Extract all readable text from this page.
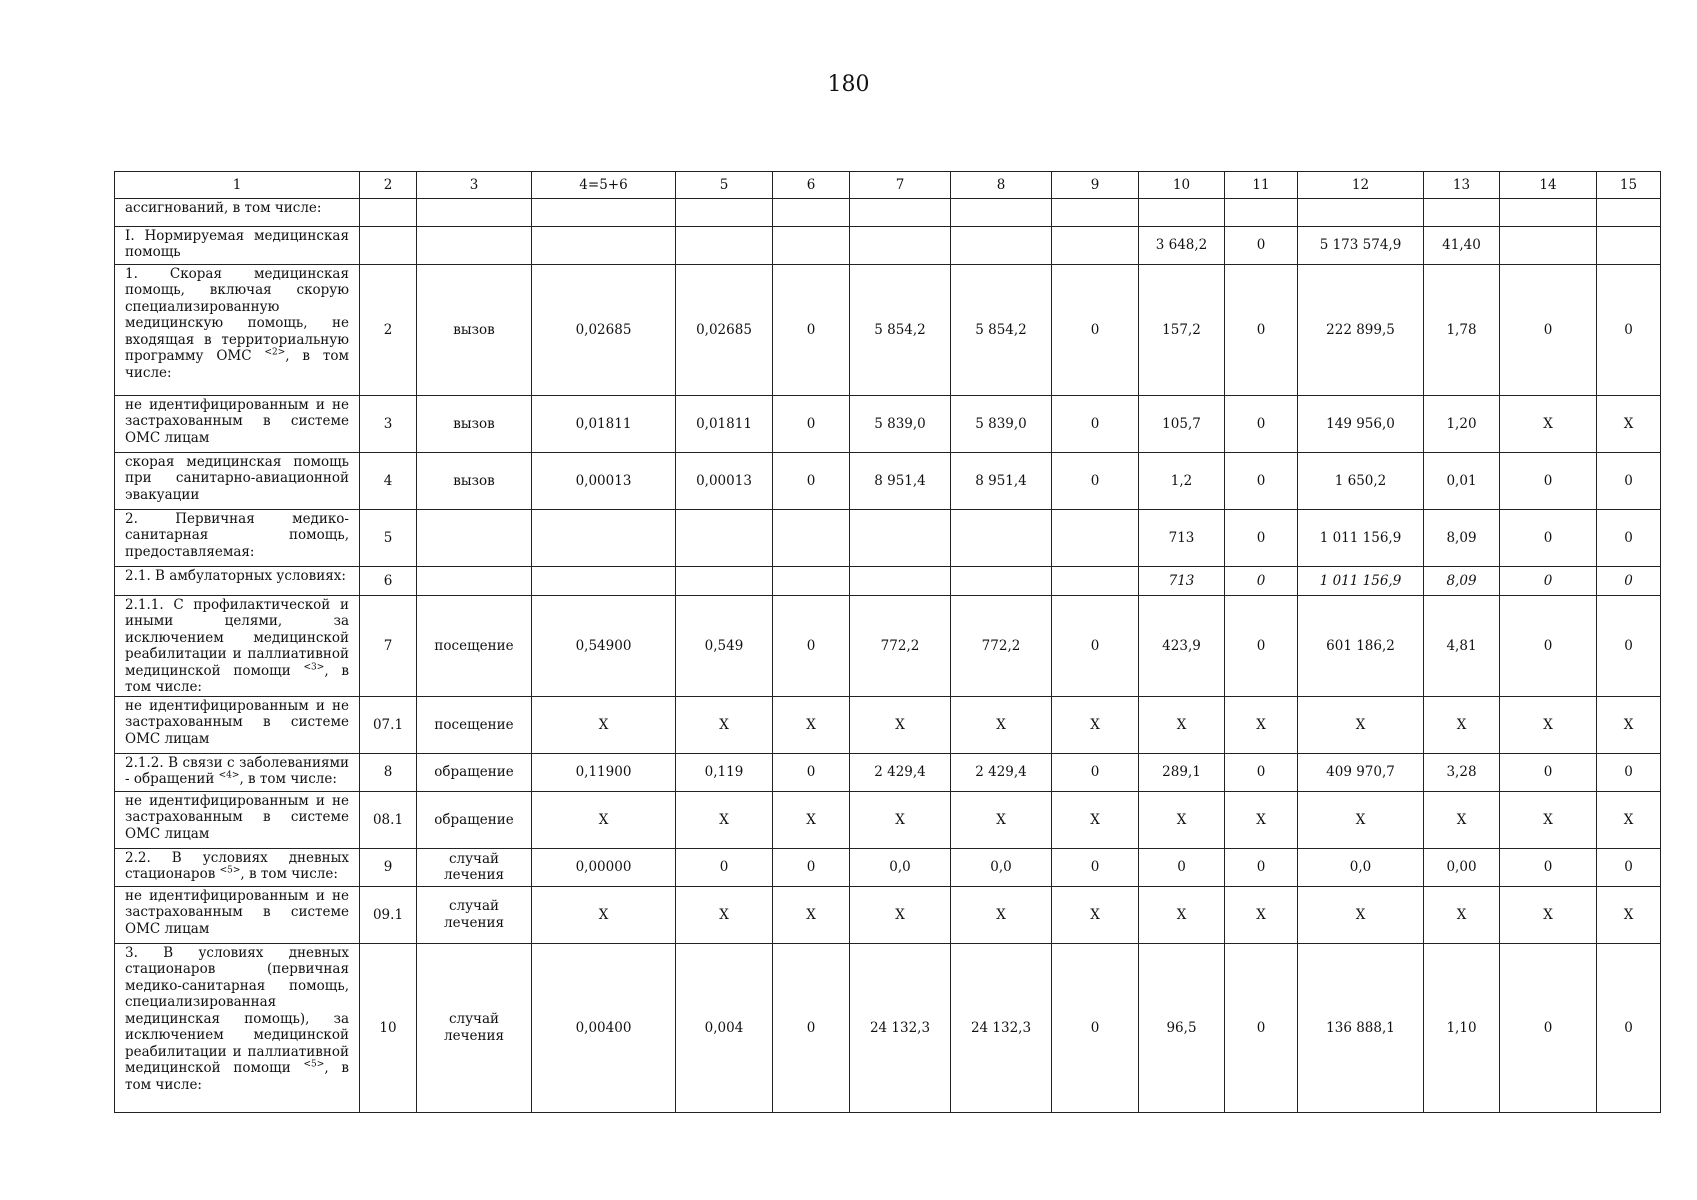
180
1	2	3	4=5+6	5	6	7	8	9	10	11	12	13	14	15
ассигнований, в том числе:														
I. Нормируемая медицинская помощь									3 648,2	0	5 173 574,9	41,40		
1. Скорая медицинская помощь, включая скорую специализированную медицинскую помощь, не входящая в территориальную программу ОМС $^{<2>}$, в том числе:	2	вызов	0,02685	0,02685	0	5 854,2	5 854,2	0	157,2	0	222 899,5	1,78	0	0
не идентифицированным и не застрахованным в системе ОМС лицам	3	вызов	0,01811	0,01811	0	5 839,0	5 839,0	0	105,7	0	149 956,0	1,20	X	X
скорая медицинская помощь при санитарно-авиационной эвакуации	4	вызов	0,00013	0,00013	0	8 951,4	8 951,4	0	1,2	0	1 650,2	0,01	0	0
2. Первичная медико-санитарная помощь, предоставляемая:	5								713	0	1 011 156,9	8,09	0	0
2.1. В амбулаторных условиях:	6								713	0	1 011 156,9	8,09	0	0
2.1.1. С профилактической и иными целями, за исключением медицинской реабилитации и паллиативной медицинской помощи $^{<3>}$, в том числе:	7	посещение	0,54900	0,549	0	772,2	772,2	0	423,9	0	601 186,2	4,81	0	0
не идентифицированным и не застрахованным в системе ОМС лицам	07.1	посещение	X	X	X	X	X	X	X	X	X	X	X	X
2.1.2. В связи с заболеваниями - обращений $^{<4>}$, в том числе:	8	обращение	0,11900	0,119	0	2 429,4	2 429,4	0	289,1	0	409 970,7	3,28	0	0
не идентифицированным и не застрахованным в системе ОМС лицам	08.1	обращение	X	X	X	X	X	X	X	X	X	X	X	X
2.2. В условиях дневных стационаров $^{<5>}$, в том числе:	9	случай лечения	0,00000	0	0	0,0	0,0	0	0	0	0,0	0,00	0	0
не идентифицированным и не застрахованным в системе ОМС лицам	09.1	случай лечения	X	X	X	X	X	X	X	X	X	X	X	X
3. В условиях дневных стационаров (первичная медико-санитарная помощь, специализированная медицинская помощь), за исключением медицинской реабилитации и паллиативной медицинской помощи $^{<5>}$, в том числе:	10	случай лечения	0,00400	0,004	0	24 132,3	24 132,3	0	96,5	0	136 888,1	1,10	0	0
